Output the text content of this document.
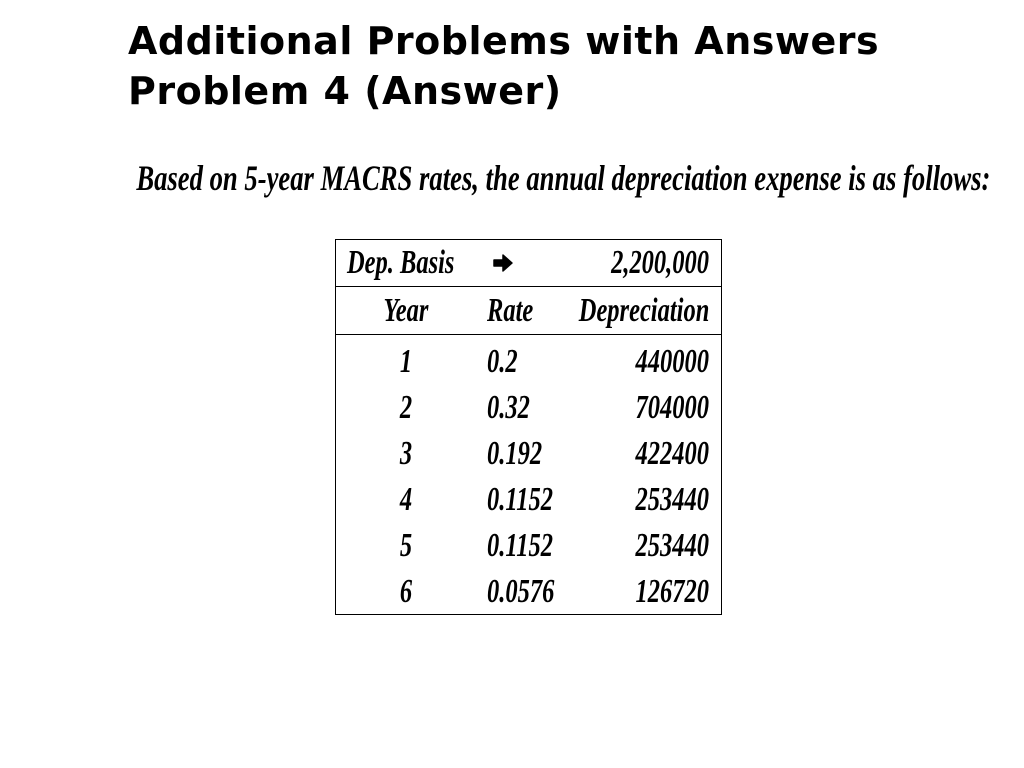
Additional Problems with Answers
Problem 4 (Answer)
Based on 5-year MACRS rates, the annual depreciation expense is as follows:
Dep. Basis	2,200,000
Year Rate Depreciation
1	0.2	440000
2	0.32	704000
3	0.192	422400
4	0.1152 253440
5	0.1152 253440
6	0.0576 126720
